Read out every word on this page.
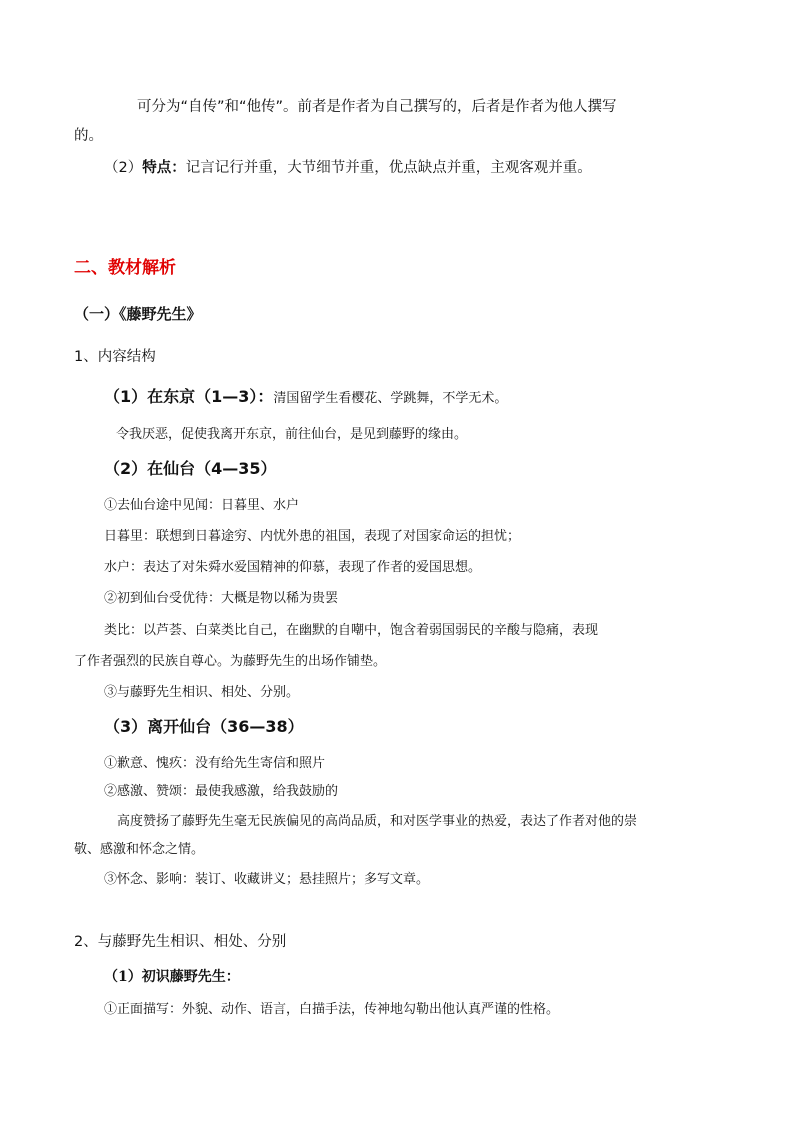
可分为“自传”和“他传”。前者是作者为自己撰写的，后者是作者为他人撰写
的。
（2）特点：记言记行并重，大节细节并重，优点缺点并重，主观客观并重。
二、教材解析
（一）《藤野先生》
1、内容结构
（1）在东京（1—3）：清国留学生看樱花、学跳舞，不学无术。
令我厌恶，促使我离开东京，前往仙台，是见到藤野的缘由。
（2）在仙台（4—35）
①去仙台途中见闻：日暮里、水户
日暮里：联想到日暮途穷、内忧外患的祖国，表现了对国家命运的担忧；
水户：表达了对朱舜水爱国精神的仰慕，表现了作者的爱国思想。
②初到仙台受优待：大概是物以稀为贵罢
类比：以芦荟、白菜类比自己，在幽默的自嘲中，饱含着弱国弱民的辛酸与隐痛，表现
了作者强烈的民族自尊心。为藤野先生的出场作铺垫。
③与藤野先生相识、相处、分别。
（3）离开仙台（36—38）
①歉意、愧疚：没有给先生寄信和照片
②感激、赞颂：最使我感激，给我鼓励的
高度赞扬了藤野先生毫无民族偏见的高尚品质，和对医学事业的热爱，表达了作者对他的崇
敬、感激和怀念之情。
③怀念、影响：装订、收藏讲义；悬挂照片；多写文章。
2、与藤野先生相识、相处、分别
（1）初识藤野先生：
①正面描写：外貌、动作、语言，白描手法，传神地勾勒出他认真严谨的性格。
